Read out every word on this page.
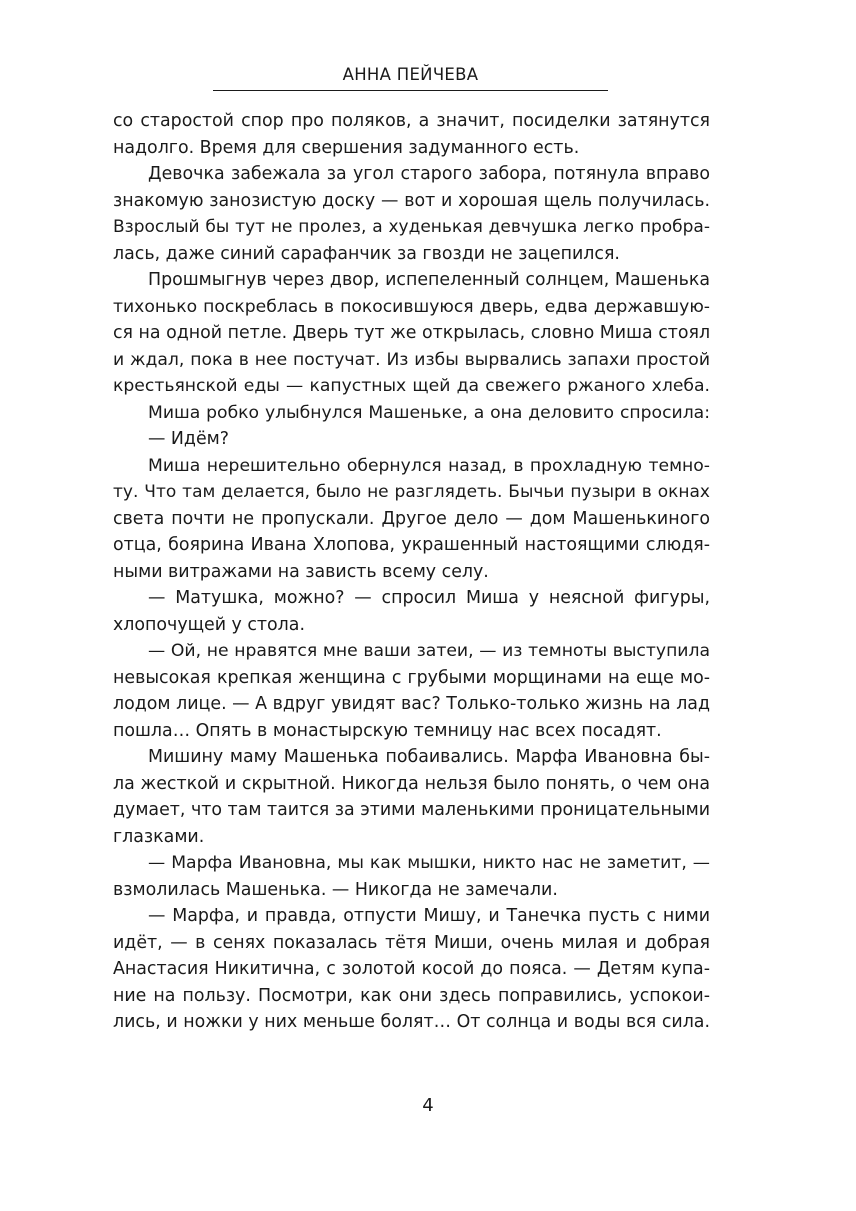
АННА ПЕЙЧЕВА
со старостой спор про поляков, а значит, посиделки затянутся
надолго. Время для свершения задуманного есть.
Девочка забежала за угол старого забора, потянула вправо
знакомую занозистую доску — вот и хорошая щель получилась.
Взрослый бы тут не пролез, а худенькая девчушка легко пробра-
лась, даже синий сарафанчик за гвозди не зацепился.
Прошмыгнув через двор, испепеленный солнцем, Машенька
тихонько поскреблась в покосившуюся дверь, едва державшую-
ся на одной петле. Дверь тут же открылась, словно Миша стоял
и ждал, пока в нее постучат. Из избы вырвались запахи простой
крестьянской еды — капустных щей да свежего ржаного хлеба.
Миша робко улыбнулся Машеньке, а она деловито спросила:
— Идём?
Миша нерешительно обернулся назад, в прохладную темно-
ту. Что там делается, было не разглядеть. Бычьи пузыри в окнах
света почти не пропускали. Другое дело — дом Машенькиного
отца, боярина Ивана Хлопова, украшенный настоящими слюдя-
ными витражами на зависть всему селу.
— Матушка, можно? — спросил Миша у неясной фигуры,
хлопочущей у стола.
— Ой, не нравятся мне ваши затеи, — из темноты выступила
невысокая крепкая женщина с грубыми морщинами на еще мо-
лодом лице. — А вдруг увидят вас? Только-только жизнь на лад
пошла… Опять в монастырскую темницу нас всех посадят.
Мишину маму Машенька побаивались. Марфа Ивановна бы-
ла жесткой и скрытной. Никогда нельзя было понять, о чем она
думает, что там таится за этими маленькими проницательными
глазками.
— Марфа Ивановна, мы как мышки, никто нас не заметит, —
взмолилась Машенька. — Никогда не замечали.
— Марфа, и правда, отпусти Мишу, и Танечка пусть с ними
идёт, — в сенях показалась тётя Миши, очень милая и добрая
Анастасия Никитична, с золотой косой до пояса. — Детям купа-
ние на пользу. Посмотри, как они здесь поправились, успокои-
лись, и ножки у них меньше болят… От солнца и воды вся сила.
4
